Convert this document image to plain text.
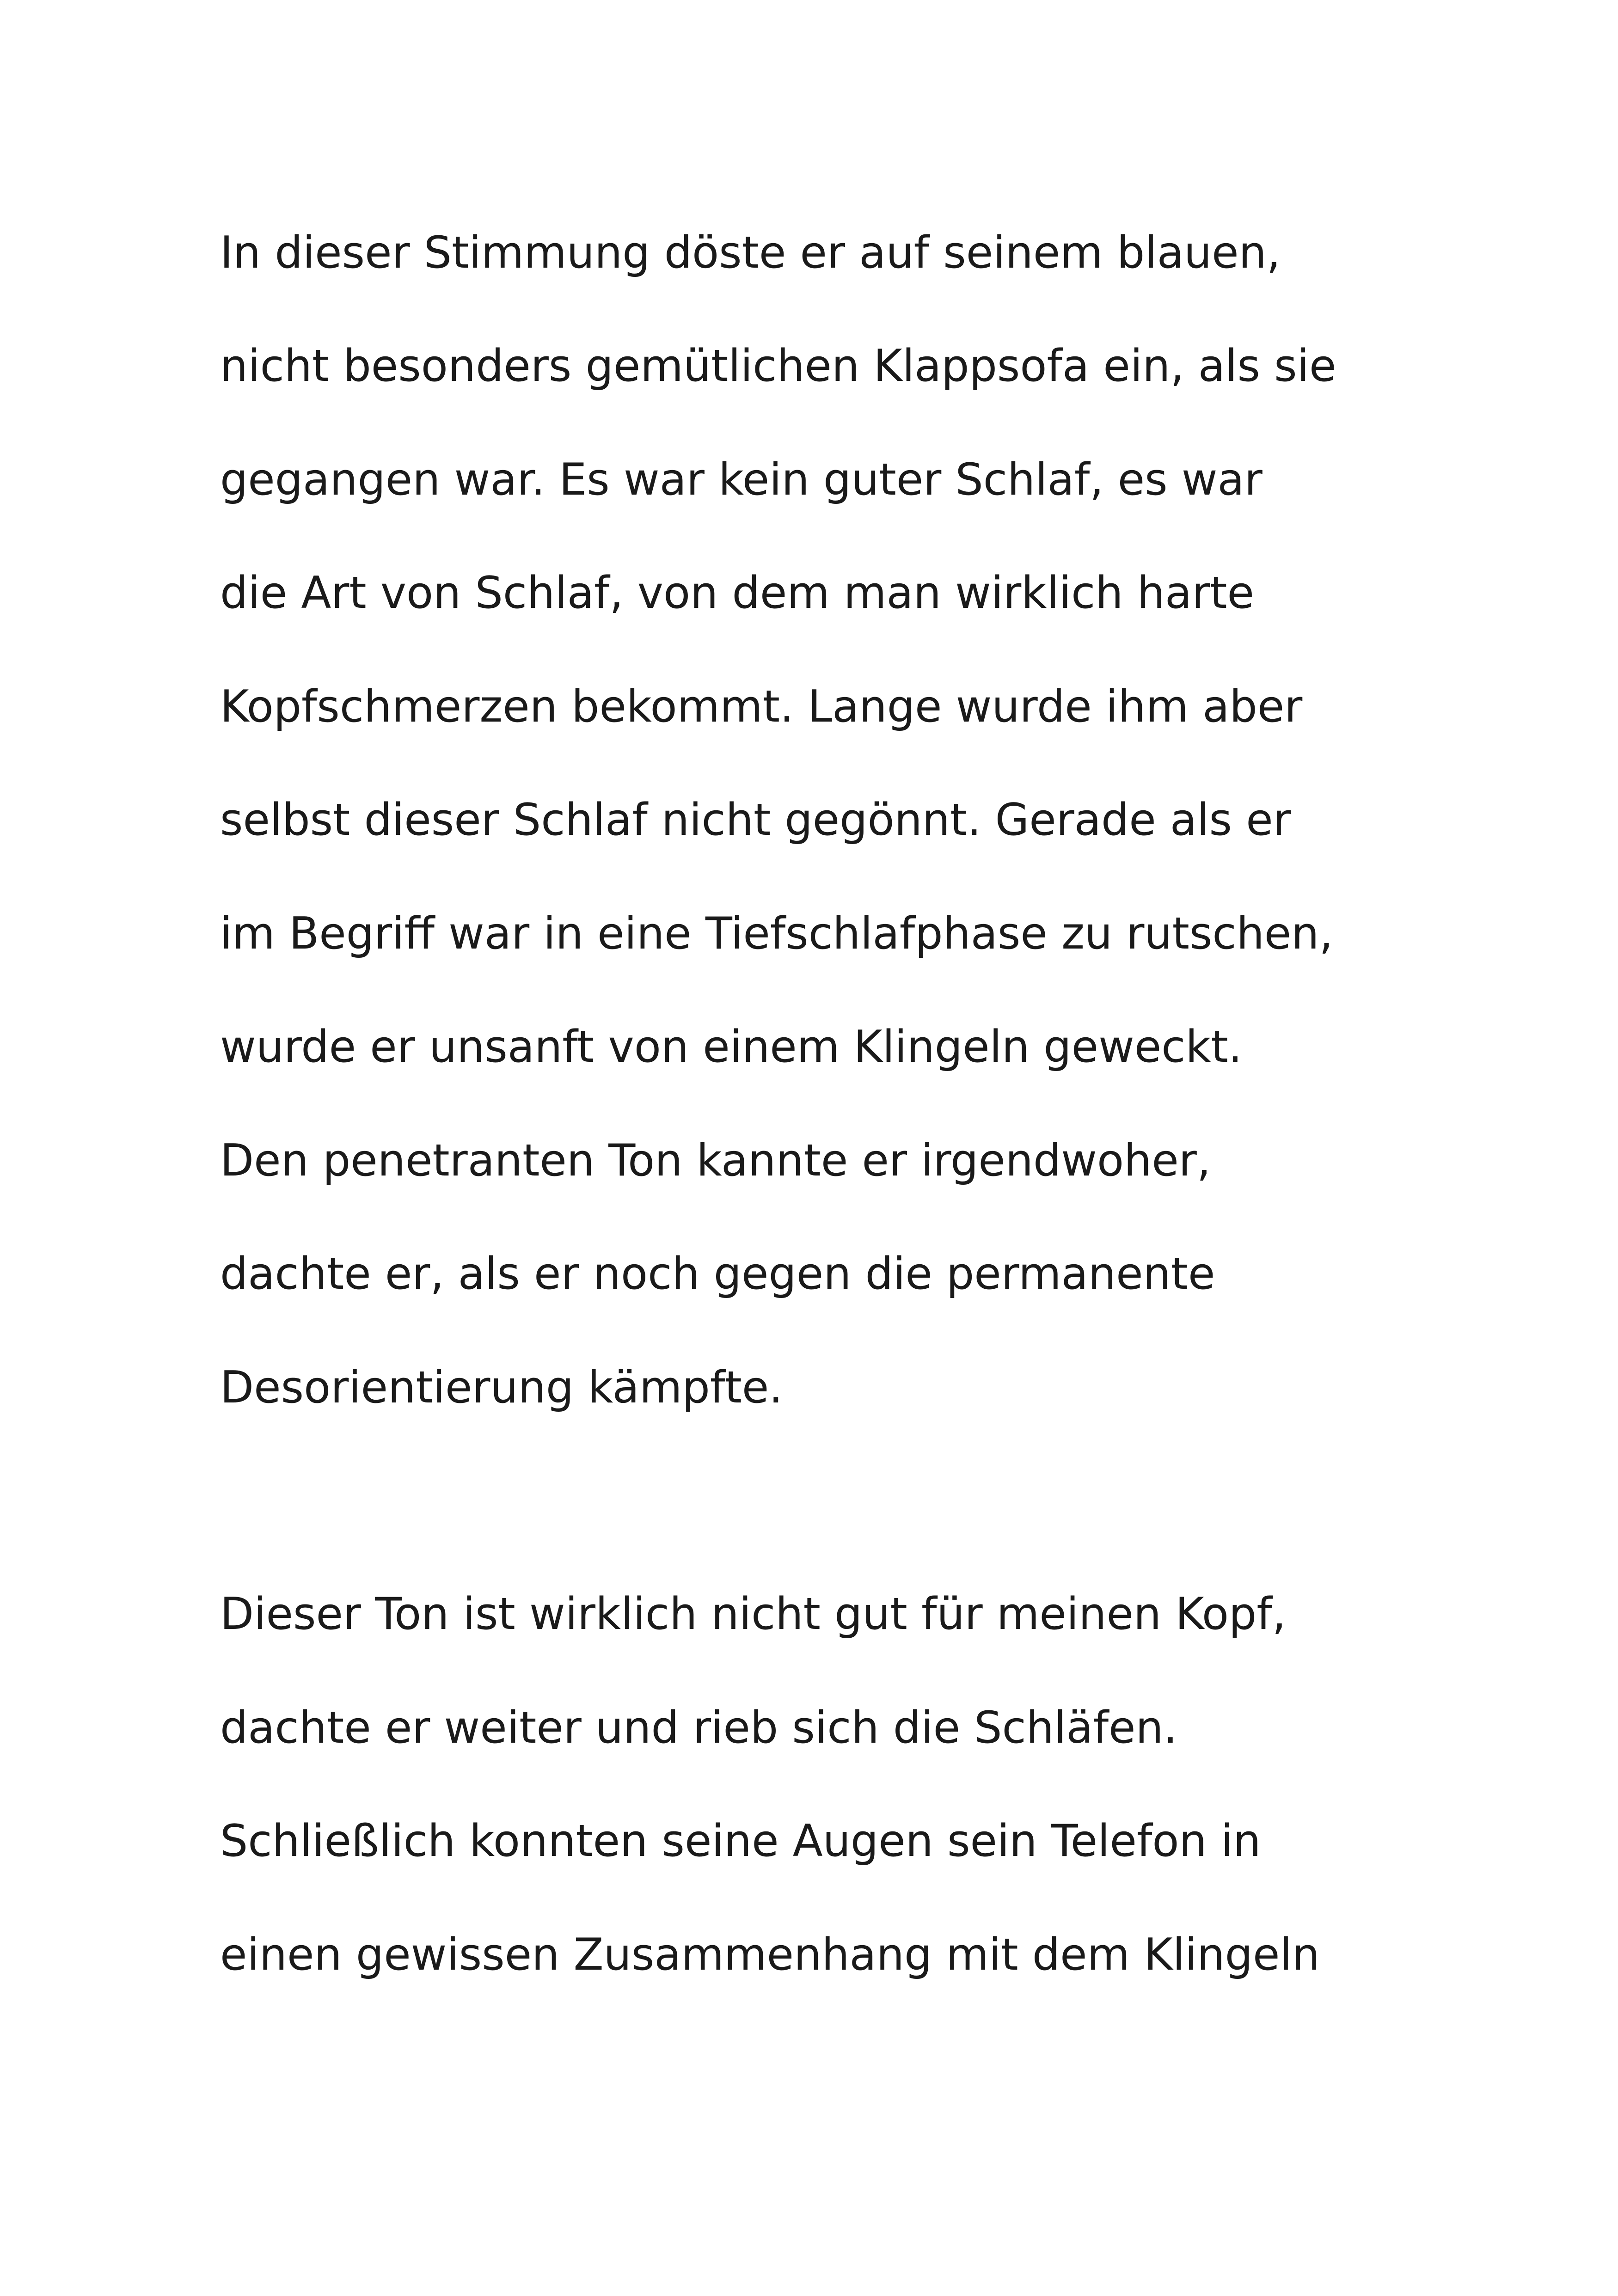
In dieser Stimmung döste er auf seinem blauen,

nicht besonders gemütlichen Klappsofa ein, als sie

gegangen war. Es war kein guter Schlaf, es war

die Art von Schlaf, von dem man wirklich harte

Kopfschmerzen bekommt. Lange wurde ihm aber

selbst dieser Schlaf nicht gegönnt. Gerade als er

im Begriff war in eine Tiefschlafphase zu rutschen,

wurde er unsanft von einem Klingeln geweckt.

Den penetranten Ton kannte er irgendwoher,

dachte er, als er noch gegen die permanente

Desorientierung kämpfte.

Dieser Ton ist wirklich nicht gut für meinen Kopf,

dachte er weiter und rieb sich die Schläfen.

Schließlich konnten seine Augen sein Telefon in

einen gewissen Zusammenhang mit dem Klingeln
